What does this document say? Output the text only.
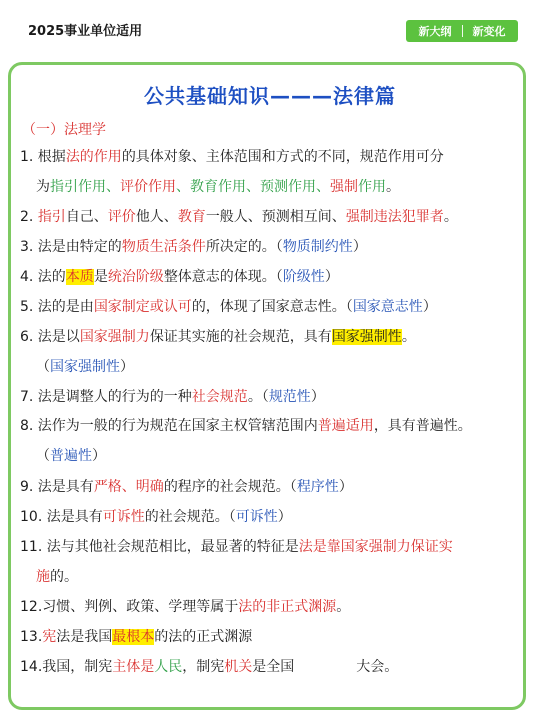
2025事业单位适用	新大纲 新变化
公共基础知识———法律篇
（一）法理学
1. 根据法的作用的具体对象、主体范围和方式的不同，规范作用可分
为指引作用、评价作用、教育作用、预测作用、强制作用。
2. 指引自己、评价他人、教育一般人、预测相互间、强制违法犯罪者。
3. 法是由特定的物质生活条件所决定的。（物质制约性）
4. 法的本质是统治阶级整体意志的体现。（阶级性）
5. 法的是由国家制定或认可的，体现了国家意志性。（国家意志性）
6. 法是以国家强制力保证其实施的社会规范，具有国家强制性。
（国家强制性）
7. 法是调整人的行为的一种社会规范。（规范性）
8. 法作为一般的行为规范在国家主权管辖范围内普遍适用，具有普遍性。
（普遍性）
9. 法是具有严格、明确的程序的社会规范。（程序性）
10. 法是具有可诉性的社会规范。（可诉性）
11. 法与其他社会规范相比，最显著的特征是法是靠国家强制力保证实
施的。
12.习惯、判例、政策、学理等属于法的非正式渊源。
13.宪法是我国最根本的法的正式渊源
14.我国，制宪主体是人民，制宪机关是全国	大会。
